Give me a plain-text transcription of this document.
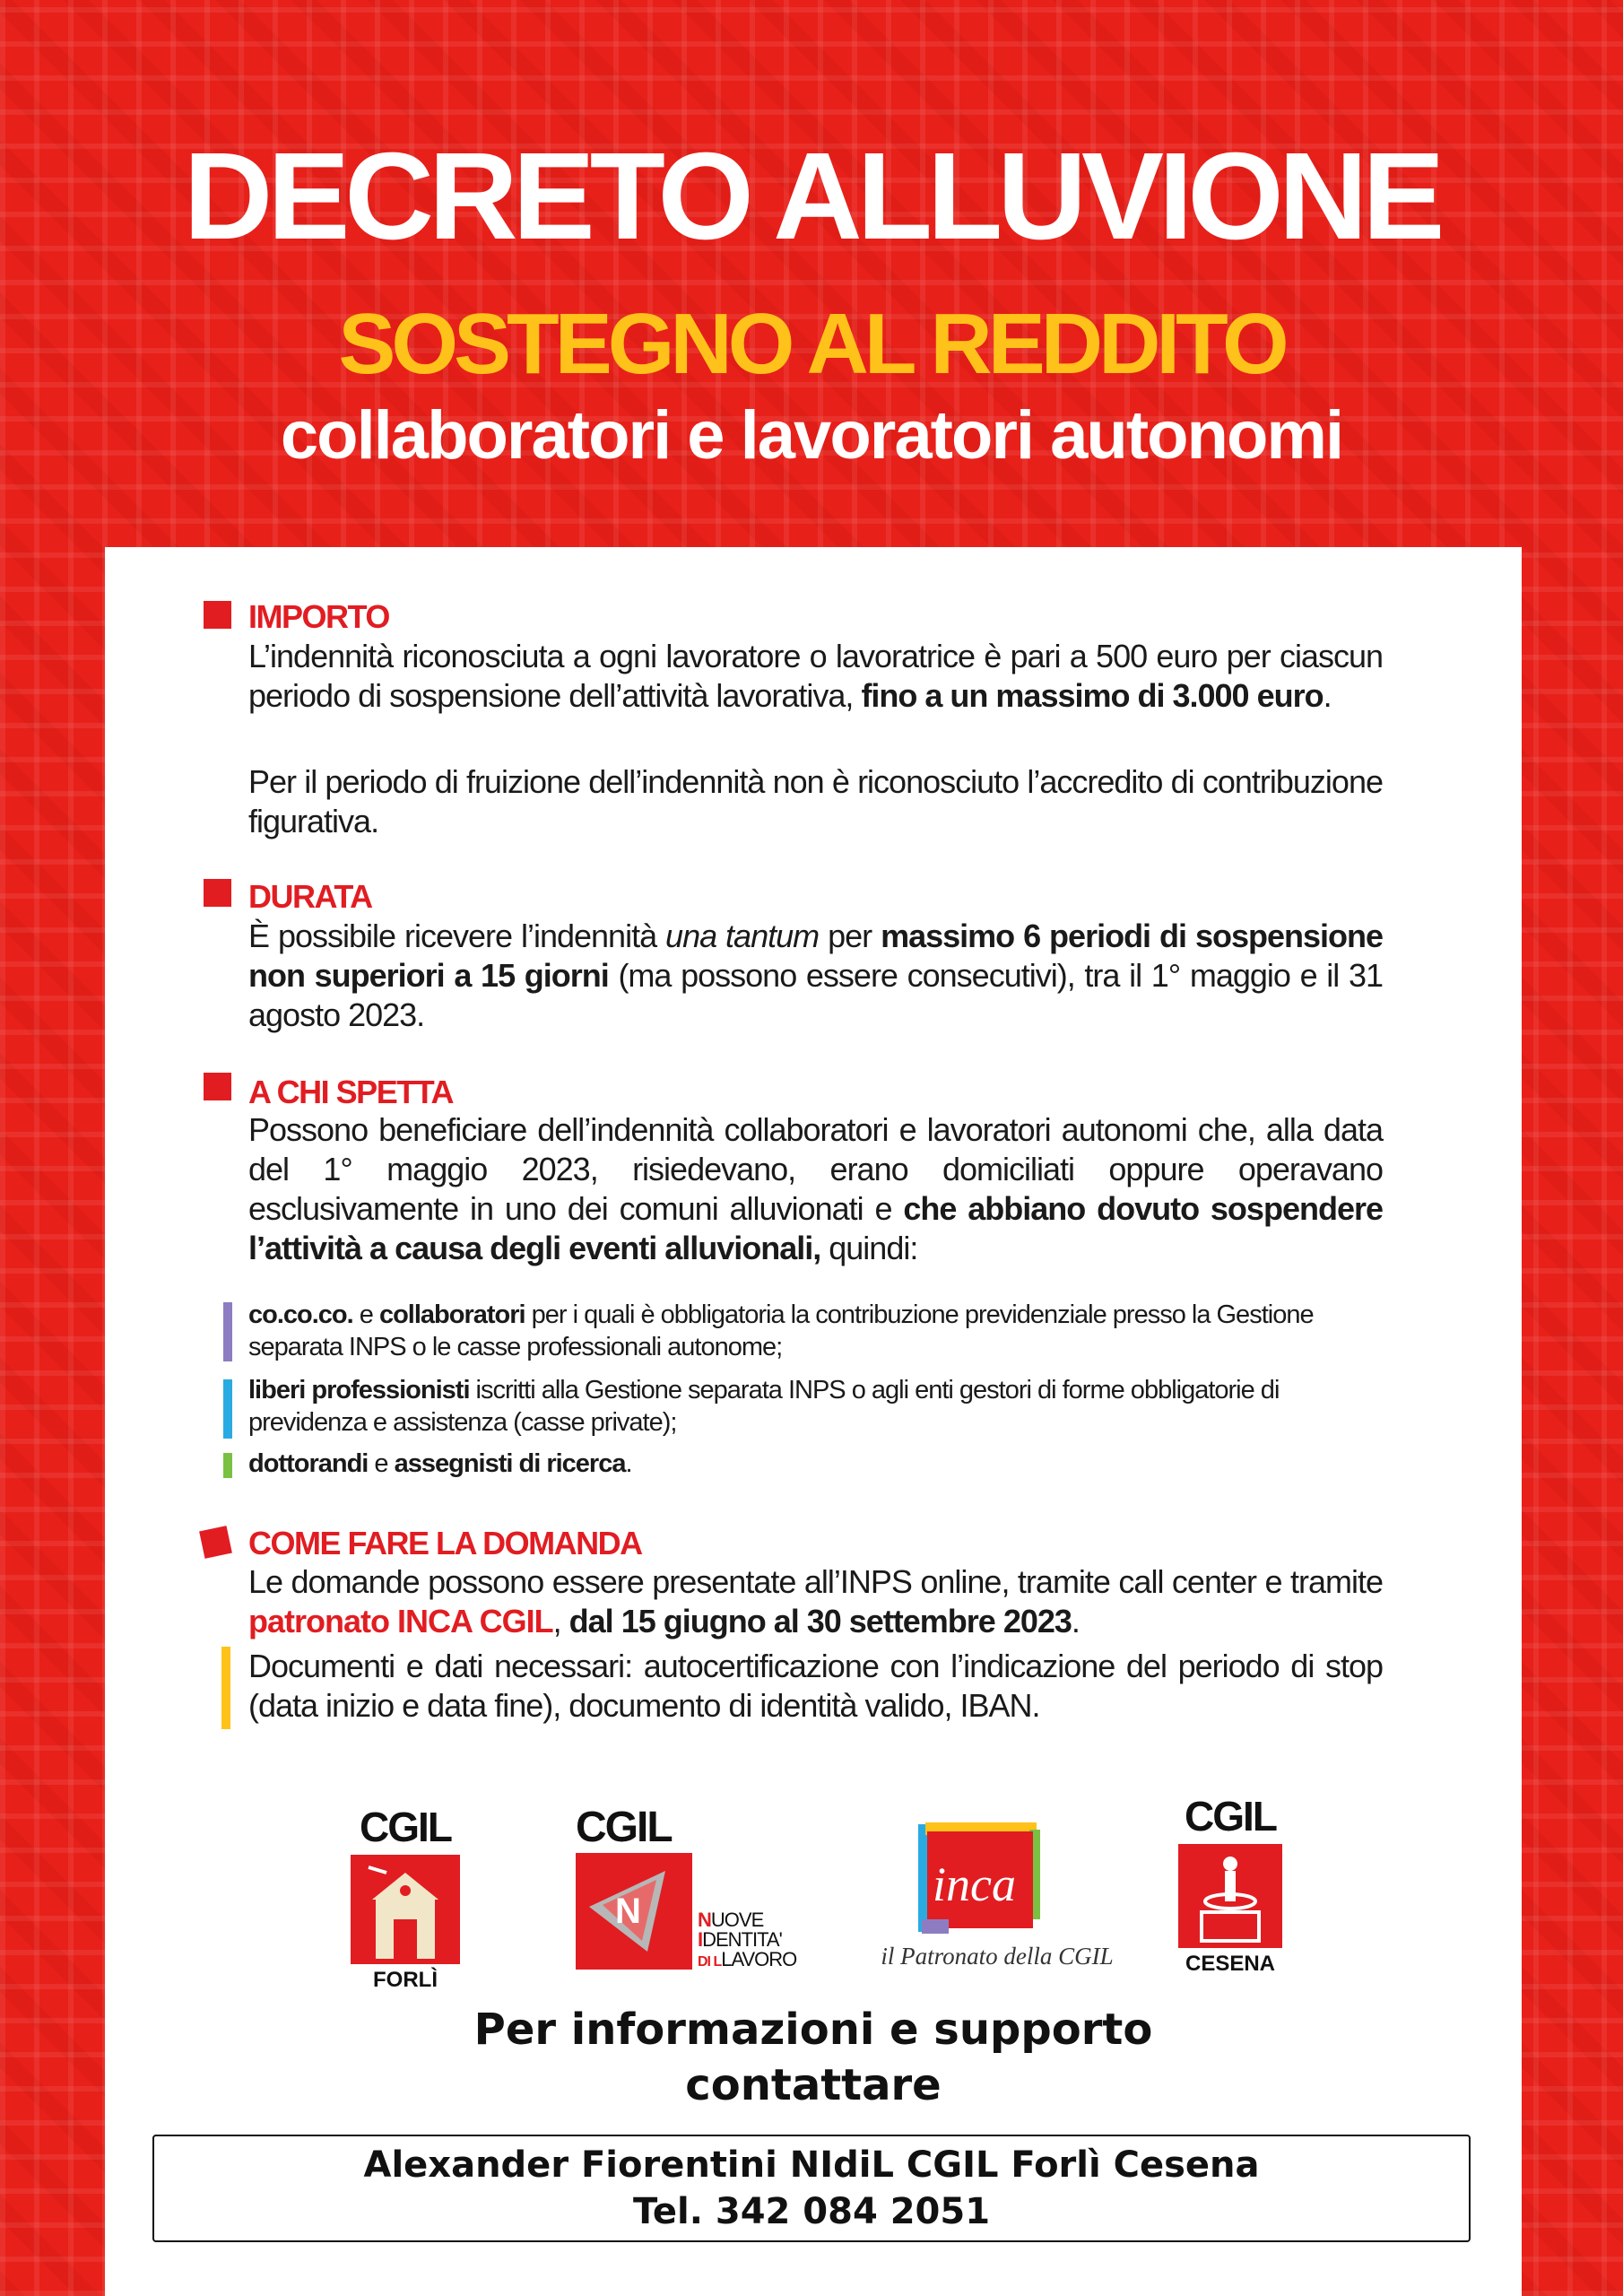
DECRETO ALLUVIONE
SOSTEGNO AL REDDITO
collaboratori e lavoratori autonomi
IMPORTO
L’indennità riconosciuta a ogni lavoratore o lavoratrice è pari a 500 euro per ciascun periodo di sospensione dell’attività lavorativa, fino a un massimo di 3.000 euro.
Per il periodo di fruizione dell’indennità non è riconosciuto l’accredito di contribuzione figurativa.
DURATA
È possibile ricevere l’indennità una tantum per massimo 6 periodi di sospensione non superiori a 15 giorni (ma possono essere consecutivi), tra il 1° maggio e il 31 agosto 2023.
A CHI SPETTA
Possono beneficiare dell’indennità collaboratori e lavoratori autonomi che, alla data del 1° maggio 2023, risiedevano, erano domiciliati oppure operavano esclusivamente in uno dei comuni alluvionati e che abbiano dovuto sospendere l’attività a causa degli eventi alluvionali, quindi:
co.co.co. e collaboratori per i quali è obbligatoria la contribuzione previdenziale presso la Gestione separata INPS o le casse professionali autonome;
liberi professionisti iscritti alla Gestione separata INPS o agli enti gestori di forme obbligatorie di previdenza e assistenza (casse private);
dottorandi e assegnisti di ricerca.
COME FARE LA DOMANDA
Le domande possono essere presentate all’INPS online, tramite call center e tramite patronato INCA CGIL, dal 15 giugno al 30 settembre 2023.
Documenti e dati necessari: autocertificazione con l’indicazione del periodo di stop (data inizio e data fine), documento di identità valido, IBAN.
CGIL
FORLÌ
CGIL
N	NUOVE
IDENTITA'
DI LLAVORO
inca
il Patronato della CGIL
CGIL
CESENA
Per informazioni e supporto
contattare
Alexander Fiorentini NIdiL CGIL Forlì Cesena
Tel. 342 084 2051
